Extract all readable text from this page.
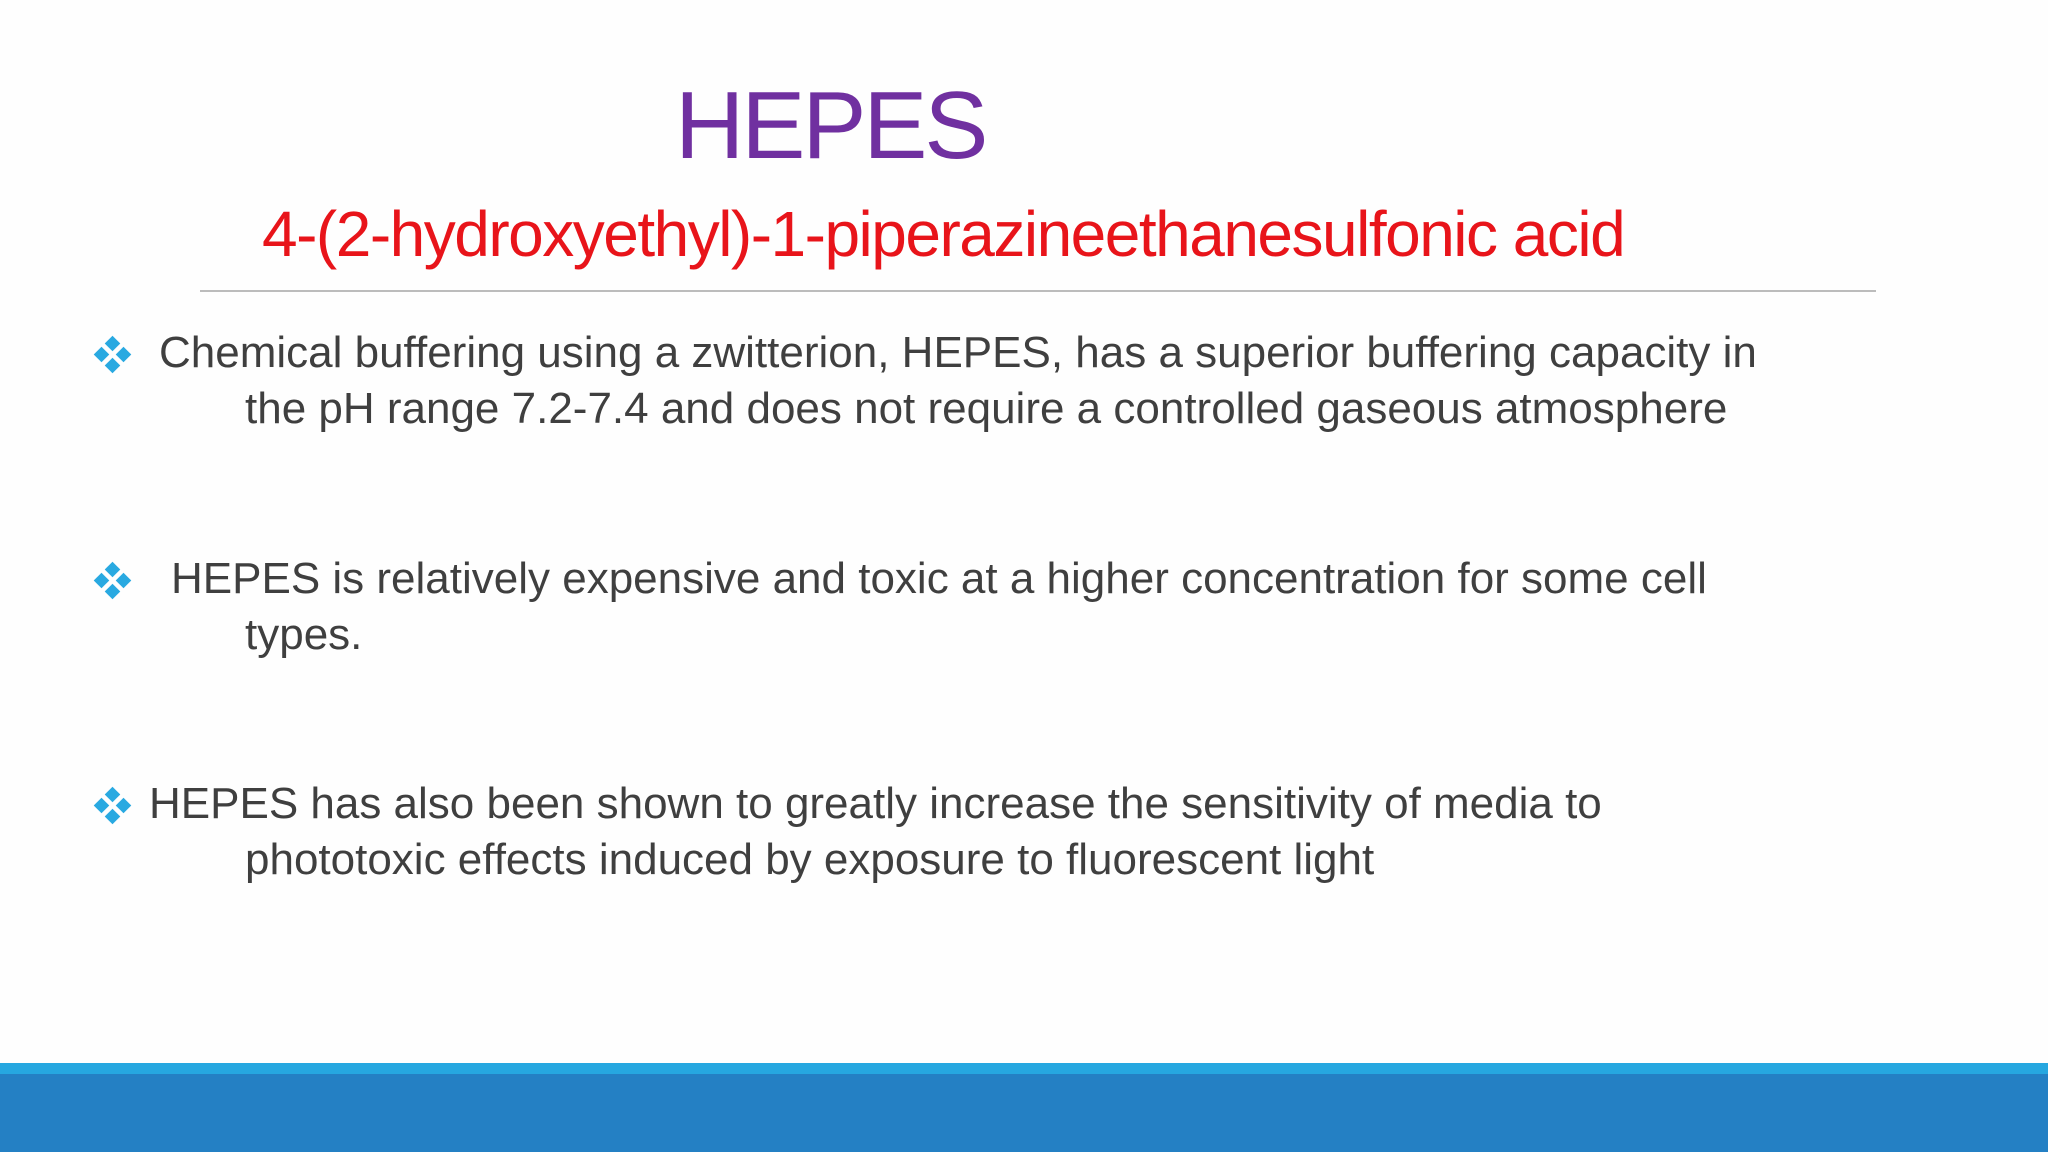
HEPES
4-(2-hydroxyethyl)-1-piperazineethanesulfonic acid
Chemical buffering using a zwitterion, HEPES, has a superior buffering capacity in
the pH range 7.2-7.4 and does not require a controlled gaseous atmosphere
HEPES is relatively expensive and toxic at a higher concentration for some cell
types.
HEPES has also been shown to greatly increase the sensitivity of media to
phototoxic effects induced by exposure to fluorescent light
